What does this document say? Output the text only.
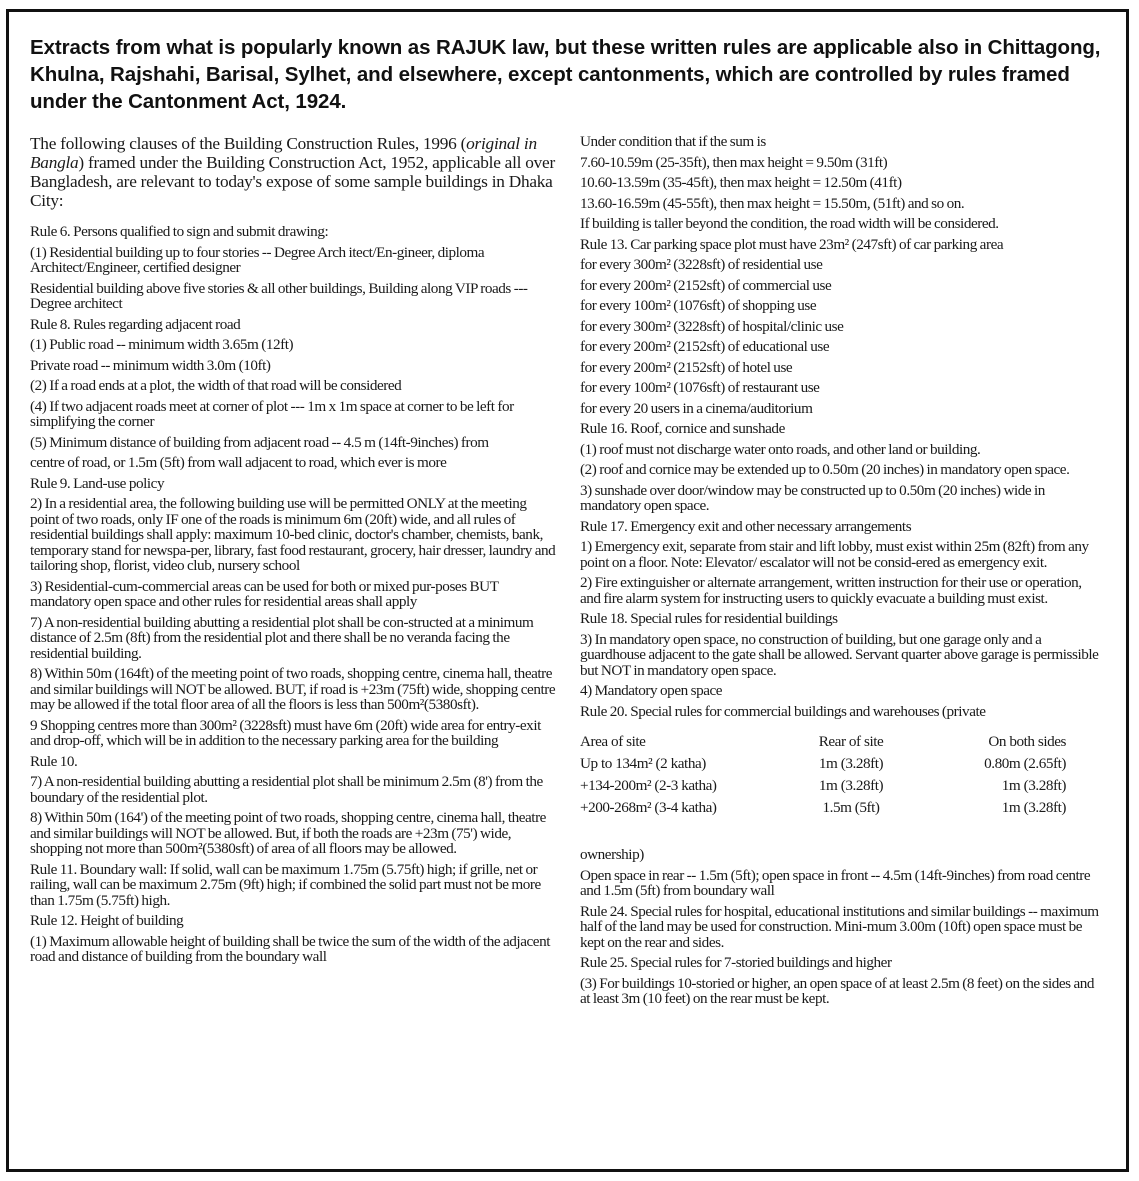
Extracts from what is popularly known as RAJUK law, but these written rules are applicable also in Chittagong, Khulna, Rajshahi, Barisal, Sylhet, and elsewhere, except cantonments, which are controlled by rules framed under the Cantonment Act, 1924.

The following clauses of the Building Construction Rules, 1996 (original in Bangla) framed under the Building Construction Act, 1952, applicable all over Bangladesh, are relevant to today's expose of some sample buildings in Dhaka City:

Rule 6. Persons qualified to sign and submit drawing:

(1) Residential building up to four stories -- Degree Arch itect/En-gineer, diploma Architect/Engineer, certified designer

Residential building above five stories & all other buildings, Building along VIP roads --- Degree architect

Rule 8. Rules regarding adjacent road

(1) Public road -- minimum width 3.65m (12ft)

Private road -- minimum width 3.0m (10ft)

(2) If a road ends at a plot, the width of that road will be considered

(4) If two adjacent roads meet at corner of plot --- 1m x 1m space at corner to be left for simplifying the corner

(5) Minimum distance of building from adjacent road -- 4.5 m (14ft-9inches) from

centre of road, or 1.5m (5ft) from wall adjacent to road, which ever is more

Rule 9. Land-use policy

2) In a residential area, the following building use will be permitted ONLY at the meeting point of two roads, only IF one of the roads is minimum 6m (20ft) wide, and all rules of residential buildings shall apply: maximum 10-bed clinic, doctor's chamber, chemists, bank, temporary stand for newspa-per, library, fast food restaurant, grocery, hair dresser, laundry and tailoring shop, florist, video club, nursery school

3) Residential-cum-commercial areas can be used for both or mixed pur-poses BUT mandatory open space and other rules for residential areas shall apply

7) A non-residential building abutting a residential plot shall be con-structed at a minimum distance of 2.5m (8ft) from the residential plot and there shall be no veranda facing the residential building.

8) Within 50m (164ft) of the meeting point of two roads, shopping centre, cinema hall, theatre and similar buildings will NOT be allowed. BUT, if road is +23m (75ft) wide, shopping centre may be allowed if the total floor area of all the floors is less than 500m²(5380sft).

9 Shopping centres more than 300m² (3228sft) must have 6m (20ft) wide area for entry-exit and drop-off, which will be in addition to the necessary parking area for the building

Rule 10.

7) A non-residential building abutting a residential plot shall be minimum 2.5m (8') from the boundary of the residential plot.

8) Within 50m (164') of the meeting point of two roads, shopping centre, cinema hall, theatre and similar buildings will NOT be allowed. But, if both the roads are +23m (75') wide, shopping not more than 500m²(5380sft) of area of all floors may be allowed.

Rule 11. Boundary wall: If solid, wall can be maximum 1.75m (5.75ft) high; if grille, net or railing, wall can be maximum 2.75m (9ft) high; if combined the solid part must not be more than 1.75m (5.75ft) high.

Rule 12. Height of building

(1) Maximum allowable height of building shall be twice the sum of the width of the adjacent road and distance of building from the boundary wall

Under condition that if the sum is

7.60-10.59m (25-35ft), then max height = 9.50m (31ft)

10.60-13.59m (35-45ft), then max height = 12.50m (41ft)

13.60-16.59m (45-55ft), then max height = 15.50m, (51ft) and so on.

If building is taller beyond the condition, the road width will be considered.

Rule 13. Car parking space plot must have 23m² (247sft) of car parking area

for every 300m² (3228sft) of residential use

for every 200m² (2152sft) of commercial use

for every 100m² (1076sft) of shopping use

for every 300m² (3228sft) of hospital/clinic use

for every 200m² (2152sft) of educational use

for every 200m² (2152sft) of hotel use

for every 100m² (1076sft) of restaurant use

for every 20 users in a cinema/auditorium

Rule 16. Roof, cornice and sunshade

(1) roof must not discharge water onto roads, and other land or building.

(2) roof and cornice may be extended up to 0.50m (20 inches) in mandatory open space.

3) sunshade over door/window may be constructed up to 0.50m (20 inches) wide in mandatory open space.

Rule 17. Emergency exit and other necessary arrangements

1) Emergency exit, separate from stair and lift lobby, must exist within 25m (82ft) from any point on a floor. Note: Elevator/ escalator will not be consid-ered as emergency exit.

2) Fire extinguisher or alternate arrangement, written instruction for their use or operation, and fire alarm system for instructing users to quickly evacuate a building must exist.

Rule 18. Special rules for residential buildings

3) In mandatory open space, no construction of building, but one garage only and a guardhouse adjacent to the gate shall be allowed. Servant quarter above garage is permissible but NOT in mandatory open space.

4) Mandatory open space

Rule 20. Special rules for commercial buildings and warehouses (private

Area of site	Rear of site	On both sides
Up to 134m² (2 katha)	1m (3.28ft)	0.80m (2.65ft)
+134-200m² (2-3 katha)	1m (3.28ft)	1m (3.28ft)
+200-268m² (3-4 katha)	1.5m (5ft)	1m (3.28ft)

ownership)

Open space in rear -- 1.5m (5ft); open space in front -- 4.5m (14ft-9inches) from road centre and 1.5m (5ft) from boundary wall

Rule 24. Special rules for hospital, educational institutions and similar buildings -- maximum half of the land may be used for construction. Mini-mum 3.00m (10ft) open space must be kept on the rear and sides.

Rule 25. Special rules for 7-storied buildings and higher

(3) For buildings 10-storied or higher, an open space of at least 2.5m (8 feet) on the sides and at least 3m (10 feet) on the rear must be kept.
